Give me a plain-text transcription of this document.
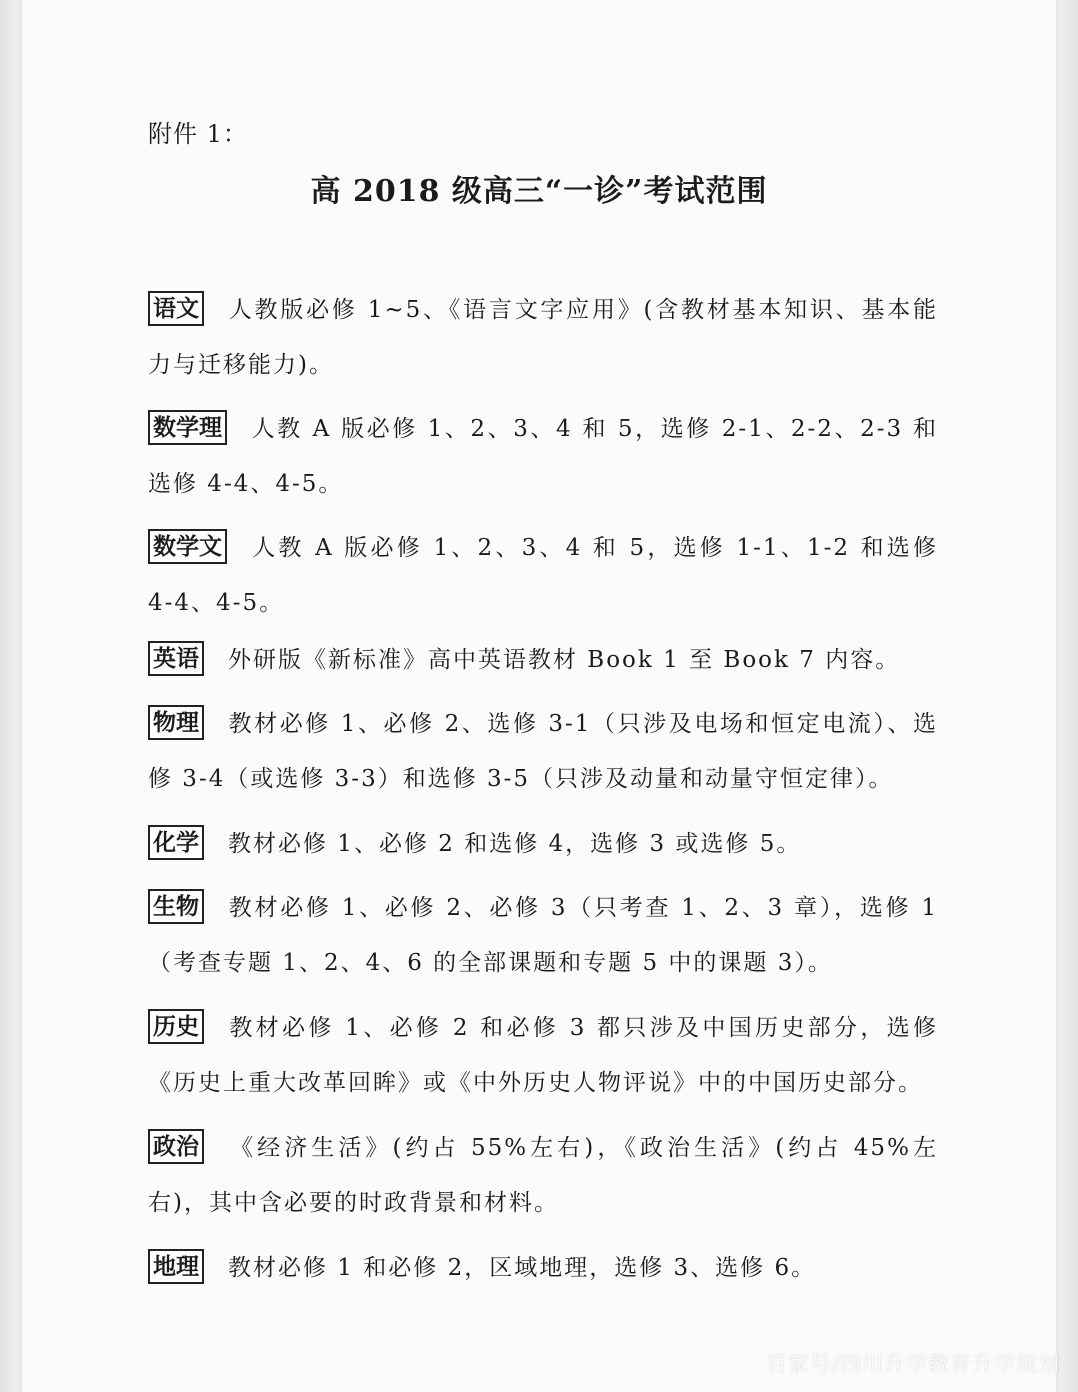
附件 1：
高 2018 级高三“一诊”考试范围
语文 人教版必修 1~5、《语言文字应用》(含教材基本知识、基本能力与迁移能力)。
数学理 人教 A 版必修 1、2、3、4 和 5，选修 2-1、2-2、2-3 和选修 4-4、4-5。
数学文 人教 A 版必修 1、2、3、4 和 5，选修 1-1、1-2 和选修 4-4、4-5。
英语 外研版《新标准》高中英语教材 Book 1 至 Book 7 内容。
物理 教材必修 1、必修 2、选修 3-1（只涉及电场和恒定电流）、选修 3-4（或选修 3-3）和选修 3-5（只涉及动量和动量守恒定律）。
化学 教材必修 1、必修 2 和选修 4，选修 3 或选修 5。
生物 教材必修 1、必修 2、必修 3（只考查 1、2、3 章），选修 1（考查专题 1、2、4、6 的全部课题和专题 5 中的课题 3）。
历史 教材必修 1、必修 2 和必修 3 都只涉及中国历史部分，选修《历史上重大改革回眸》或《中外历史人物评说》中的中国历史部分。
政治 《经济生活》(约占 55%左右)，《政治生活》(约占 45%左右)，其中含必要的时政背景和材料。
地理 教材必修 1 和必修 2，区域地理，选修 3、选修 6。
百家号/四川升学教育升学规划
